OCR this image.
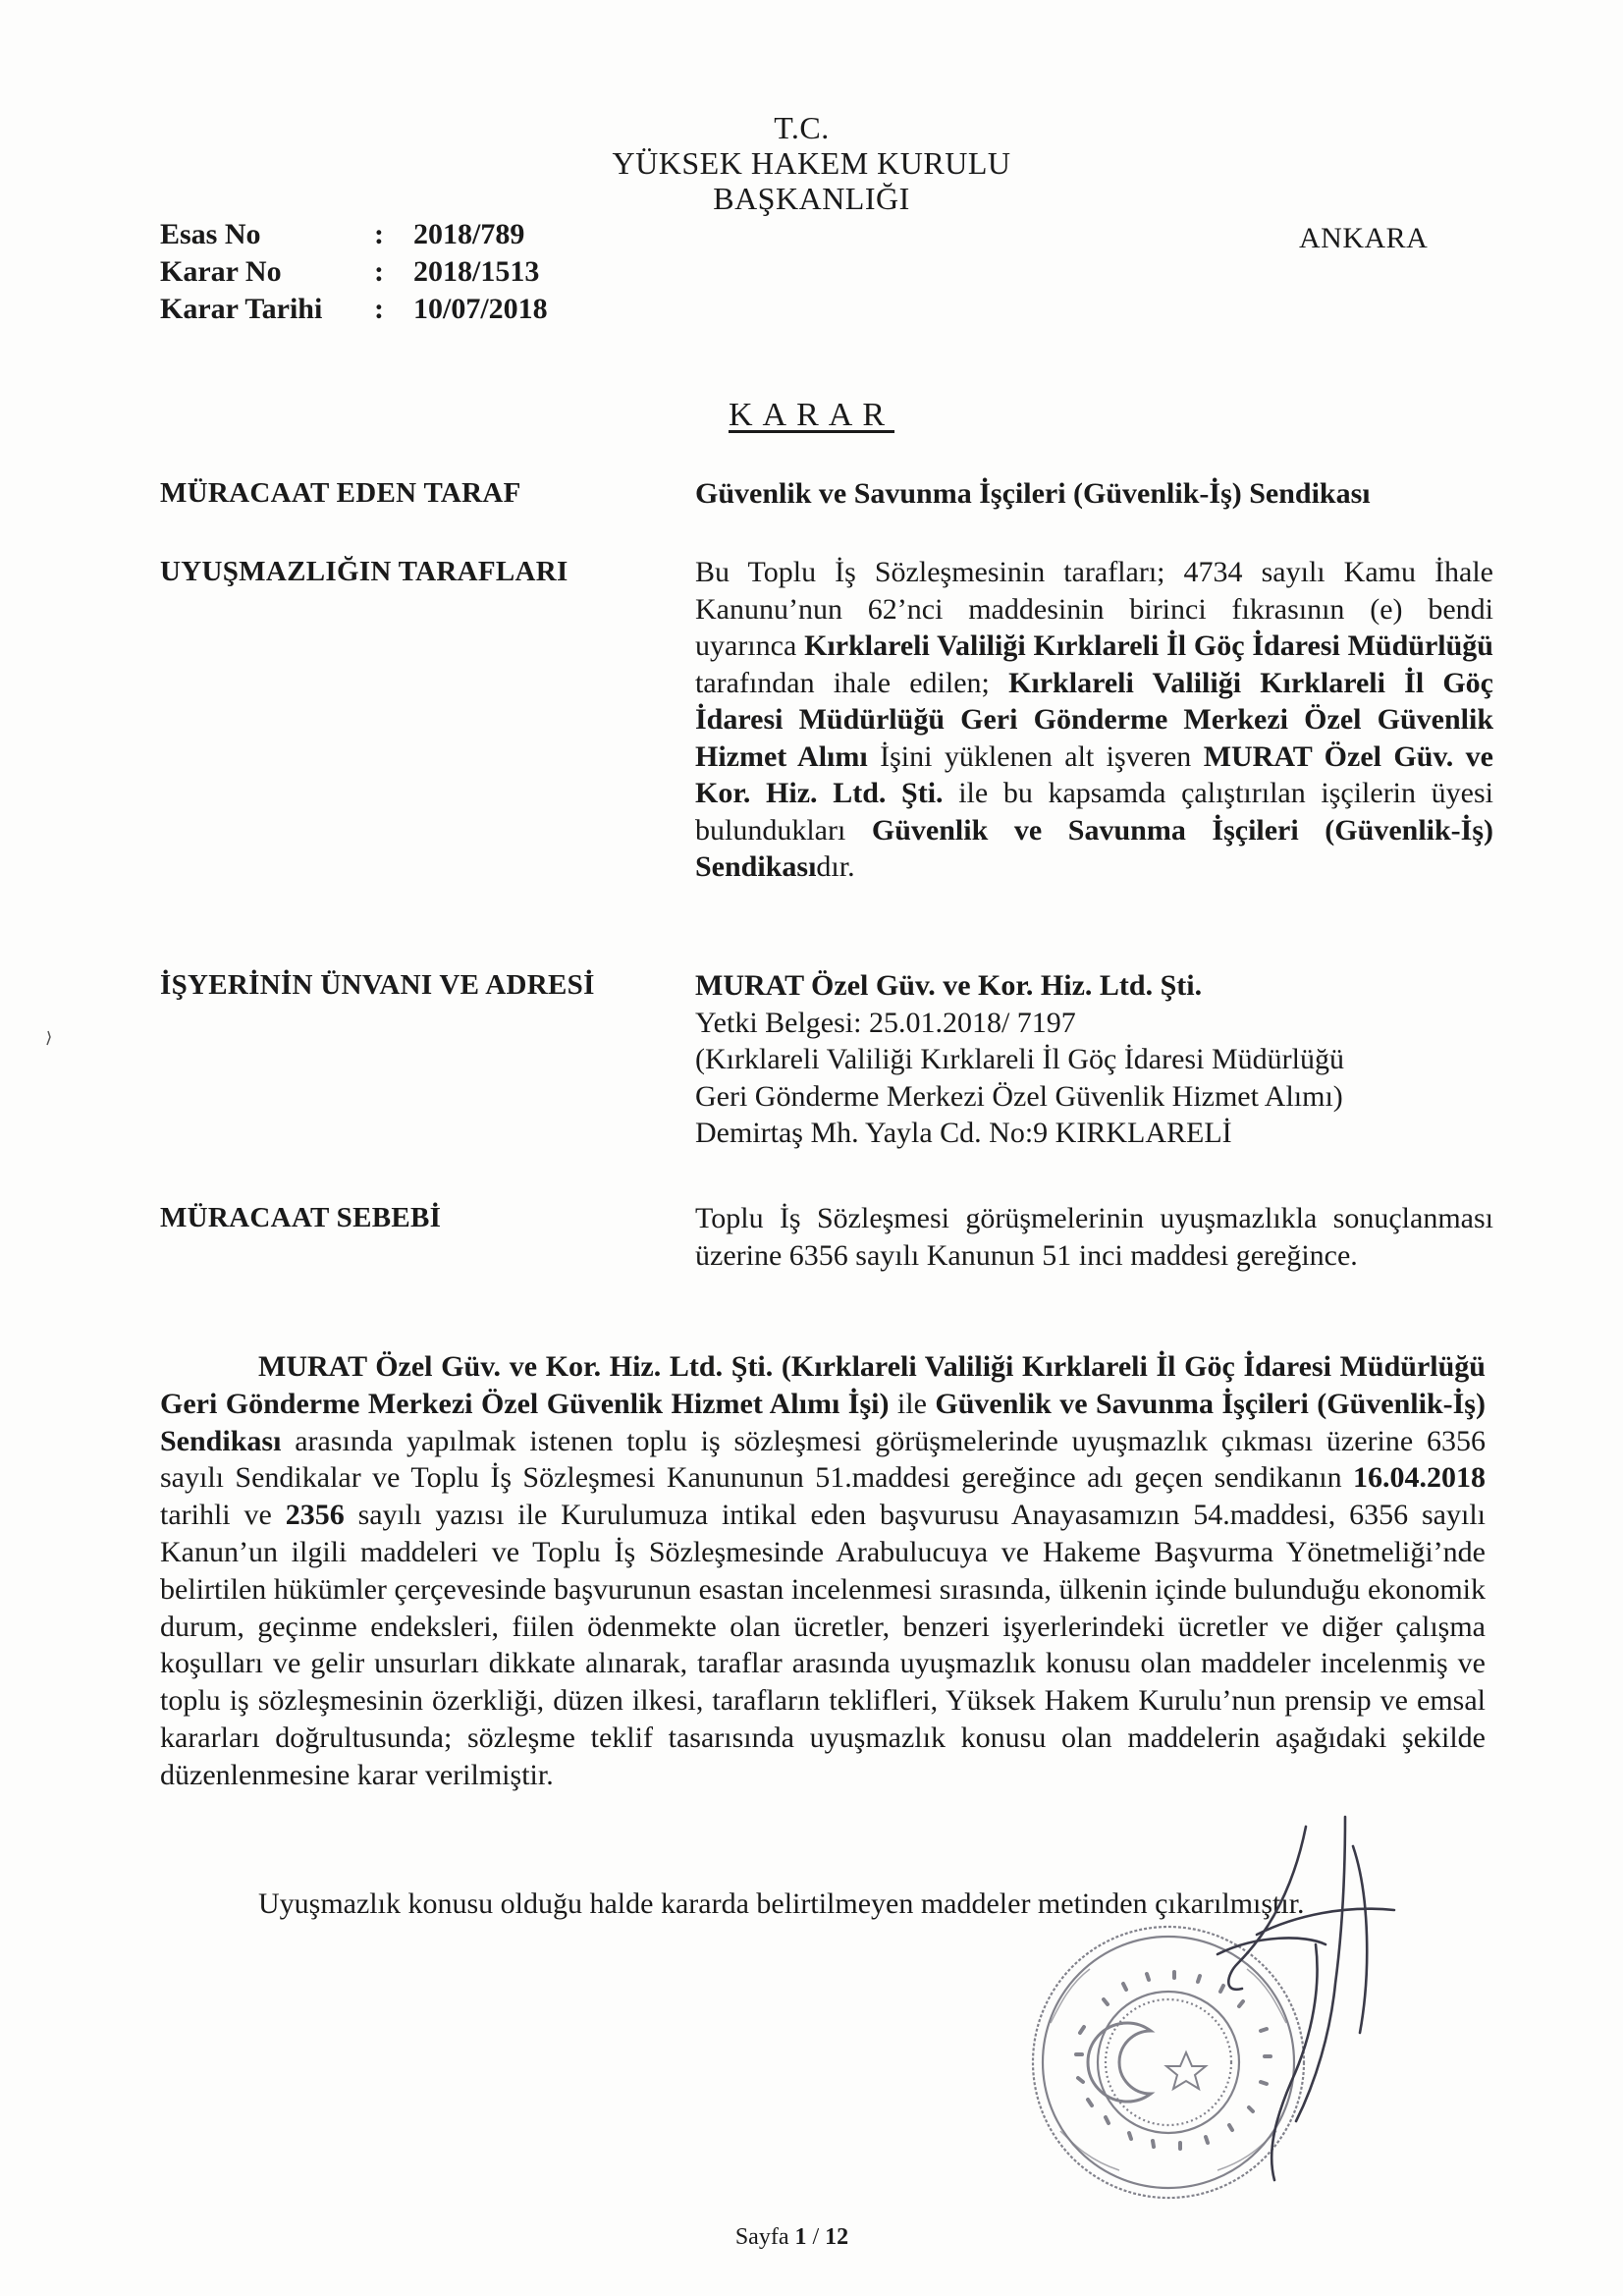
T.C.
YÜKSEK HAKEM KURULU
BAŞKANLIĞI
Esas No	:	2018/789
Karar No	:	2018/1513
Karar Tarihi	:	10/07/2018
ANKARA
KARAR
MÜRACAAT EDEN TARAF	Güvenlik ve Savunma İşçileri (Güvenlik-İş) Sendikası
UYUŞMAZLIĞIN TARAFLARI	Bu Toplu İş Sözleşmesinin tarafları; 4734 sayılı Kamu İhale Kanunu’nun 62’nci maddesinin birinci fıkrasının (e) bendi uyarınca Kırklareli Valiliği Kırklareli İl Göç İdaresi Müdürlüğü tarafından ihale edilen; Kırklareli Valiliği Kırklareli İl Göç İdaresi Müdürlüğü Geri Gönderme Merkezi Özel Güvenlik Hizmet Alımı İşini yüklenen alt işveren MURAT Özel Güv. ve Kor. Hiz. Ltd. Şti. ile bu kapsamda çalıştırılan işçilerin üyesi bulundukları Güvenlik ve Savunma İşçileri (Güvenlik-İş) Sendikasıdır.
İŞYERİNİN ÜNVANI VE ADRESİ	MURAT Özel Güv. ve Kor. Hiz. Ltd. Şti.
Yetki Belgesi: 25.01.2018/ 7197
(Kırklareli Valiliği Kırklareli İl Göç İdaresi Müdürlüğü
Geri Gönderme Merkezi Özel Güvenlik Hizmet Alımı)
Demirtaş Mh. Yayla Cd. No:9 KIRKLARELİ
MÜRACAAT SEBEBİ	Toplu İş Sözleşmesi görüşmelerinin uyuşmazlıkla sonuçlanması üzerine 6356 sayılı Kanunun 51 inci maddesi gereğince.
MURAT Özel Güv. ve Kor. Hiz. Ltd. Şti. (Kırklareli Valiliği Kırklareli İl Göç İdaresi Müdürlüğü Geri Gönderme Merkezi Özel Güvenlik Hizmet Alımı İşi) ile Güvenlik ve Savunma İşçileri (Güvenlik-İş) Sendikası arasında yapılmak istenen toplu iş sözleşmesi görüşmelerinde uyuşmazlık çıkması üzerine 6356 sayılı Sendikalar ve Toplu İş Sözleşmesi Kanununun 51.maddesi gereğince adı geçen sendikanın 16.04.2018 tarihli ve 2356 sayılı yazısı ile Kurulumuza intikal eden başvurusu Anayasamızın 54.maddesi, 6356 sayılı Kanun’un ilgili maddeleri ve Toplu İş Sözleşmesinde Arabulucuya ve Hakeme Başvurma Yönetmeliği’nde belirtilen hükümler çerçevesinde başvurunun esastan incelenmesi sırasında, ülkenin içinde bulunduğu ekonomik durum, geçinme endeksleri, fiilen ödenmekte olan ücretler, benzeri işyerlerindeki ücretler ve diğer çalışma koşulları ve gelir unsurları dikkate alınarak, taraflar arasında uyuşmazlık konusu olan maddeler incelenmiş ve toplu iş sözleşmesinin özerkliği, düzen ilkesi, tarafların teklifleri, Yüksek Hakem Kurulu’nun prensip ve emsal kararları doğrultusunda; sözleşme teklif tasarısında uyuşmazlık konusu olan maddelerin aşağıdaki şekilde düzenlenmesine karar verilmiştir.
Uyuşmazlık konusu olduğu halde kararda belirtilmeyen maddeler metinden çıkarılmıştır.
Sayfa 1 / 12
